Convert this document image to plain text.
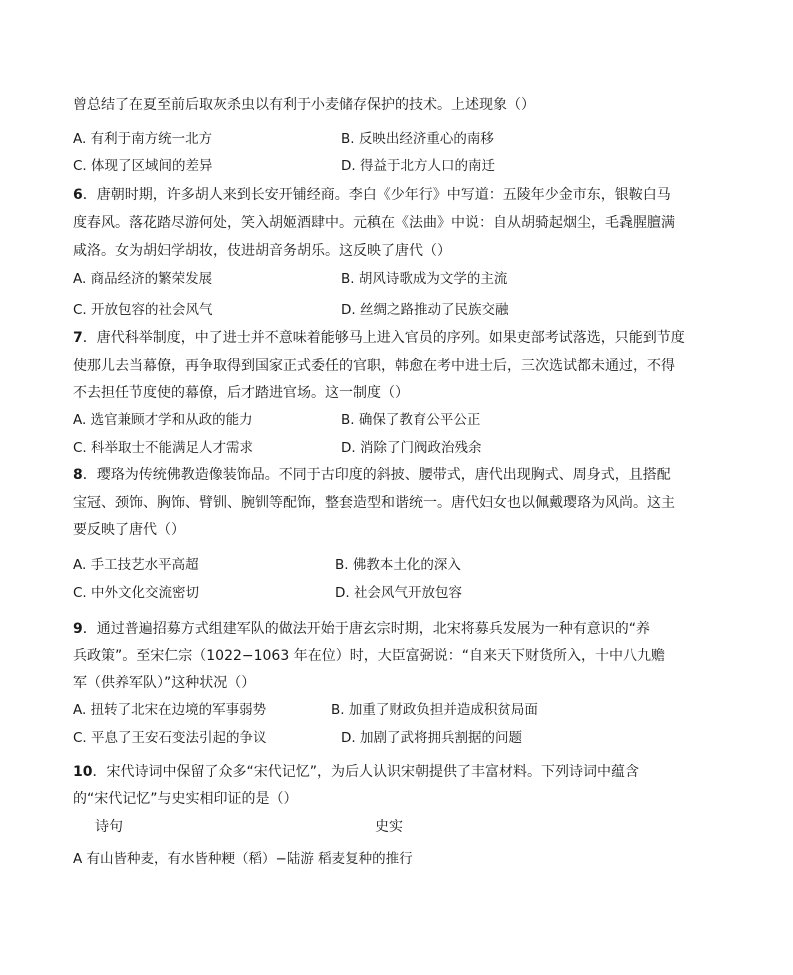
曾总结了在夏至前后取灰杀虫以有利于小麦储存保护的技术。上述现象（）
A. 有利于南方统一北方	B. 反映出经济重心的南移
C. 体现了区域间的差异	D. 得益于北方人口的南迁
6．唐朝时期，许多胡人来到长安开铺经商。李白《少年行》中写道：五陵年少金市东，银鞍白马
度春风。落花踏尽游何处，笑入胡姬酒肆中。元稹在《法曲》中说：自从胡骑起烟尘，毛毳腥膻满
咸洛。女为胡妇学胡妆，伎进胡音务胡乐。这反映了唐代（）
A. 商品经济的繁荣发展	B. 胡风诗歌成为文学的主流
C. 开放包容的社会风气	D. 丝绸之路推动了民族交融
7．唐代科举制度，中了进士并不意味着能够马上进入官员的序列。如果吏部考试落选，只能到节度
使那儿去当幕僚，再争取得到国家正式委任的官职，韩愈在考中进士后，三次选试都未通过，不得
不去担任节度使的幕僚，后才踏进官场。这一制度（）
A. 选官兼顾才学和从政的能力	B. 确保了教育公平公正
C. 科举取士不能满足人才需求	D. 消除了门阀政治残余
8．璎珞为传统佛教造像装饰品。不同于古印度的斜披、腰带式，唐代出现胸式、周身式，且搭配
宝冠、颈饰、胸饰、臂钏、腕钏等配饰，整套造型和谐统一。唐代妇女也以佩戴璎珞为风尚。这主
要反映了唐代（）
A. 手工技艺水平高超	B. 佛教本土化的深入
C. 中外文化交流密切	D. 社会风气开放包容
9．通过普遍招募方式组建军队的做法开始于唐玄宗时期，北宋将募兵发展为一种有意识的“养
兵政策”。至宋仁宗（1022−1063 年在位）时，大臣富弼说：“自来天下财货所入，十中八九赡
军（供养军队）”这种状况（）
A. 扭转了北宋在边境的军事弱势	B. 加重了财政负担并造成积贫局面
C. 平息了王安石变法引起的争议	D. 加剧了武将拥兵割据的问题
10．宋代诗词中保留了众多“宋代记忆”，为后人认识宋朝提供了丰富材料。下列诗词中蕴含
的“宋代记忆”与史实相印证的是（）
诗句	史实
A 有山皆种麦，有水皆种粳（稻）−陆游 稻麦复种的推行
